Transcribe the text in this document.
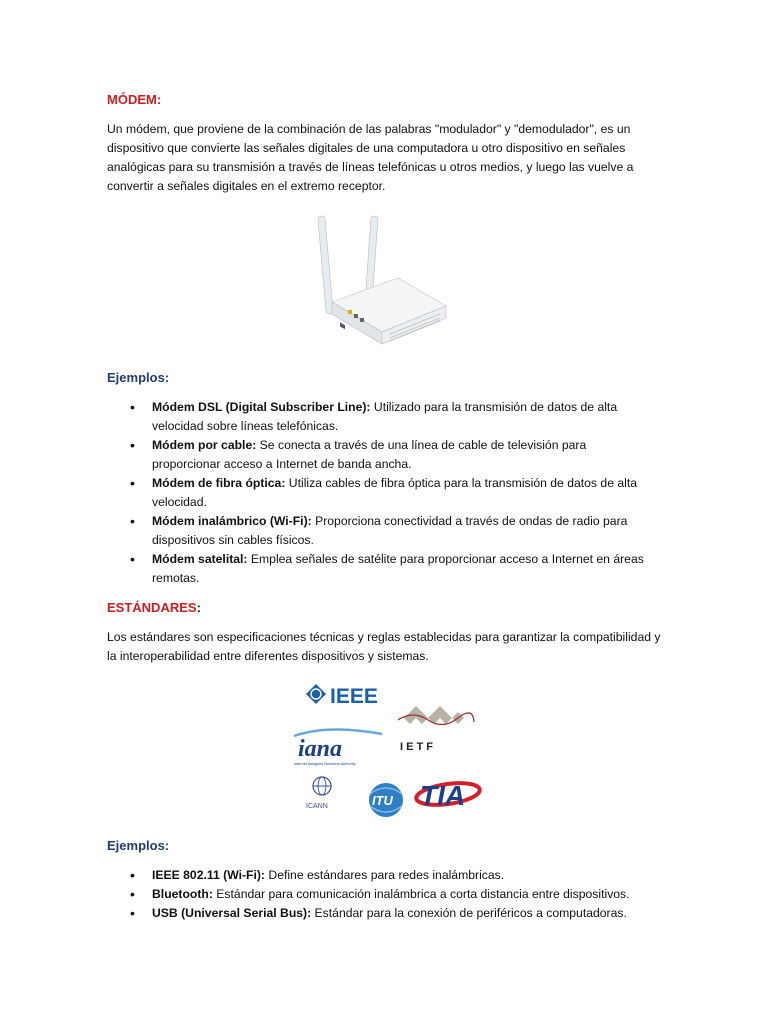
MÓDEM:

Un módem, que proviene de la combinación de las palabras "modulador" y "demodulador", es un dispositivo que convierte las señales digitales de una computadora u otro dispositivo en señales analógicas para su transmisión a través de líneas telefónicas u otros medios, y luego las vuelve a convertir a señales digitales en el extremo receptor.

Ejemplos:
• Módem DSL (Digital Subscriber Line): Utilizado para la transmisión de datos de alta velocidad sobre líneas telefónicas.
• Módem por cable: Se conecta a través de una línea de cable de televisión para proporcionar acceso a Internet de banda ancha.
• Módem de fibra óptica: Utiliza cables de fibra óptica para la transmisión de datos de alta velocidad.
• Módem inalámbrico (Wi-Fi): Proporciona conectividad a través de ondas de radio para dispositivos sin cables físicos.
• Módem satelital: Emplea señales de satélite para proporcionar acceso a Internet en áreas remotas.
ESTÁNDARES:

Los estándares son especificaciones técnicas y reglas establecidas para garantizar la compatibilidad y la interoperabilidad entre diferentes dispositivos y sistemas.

IEEE
I E T F
iana
Internet Assigned Numbers Authority
ICANN	ITU TIA
Ejemplos:
• IEEE 802.11 (Wi-Fi): Define estándares para redes inalámbricas.
• Bluetooth: Estándar para comunicación inalámbrica a corta distancia entre dispositivos.
• USB (Universal Serial Bus): Estándar para la conexión de periféricos a computadoras.
